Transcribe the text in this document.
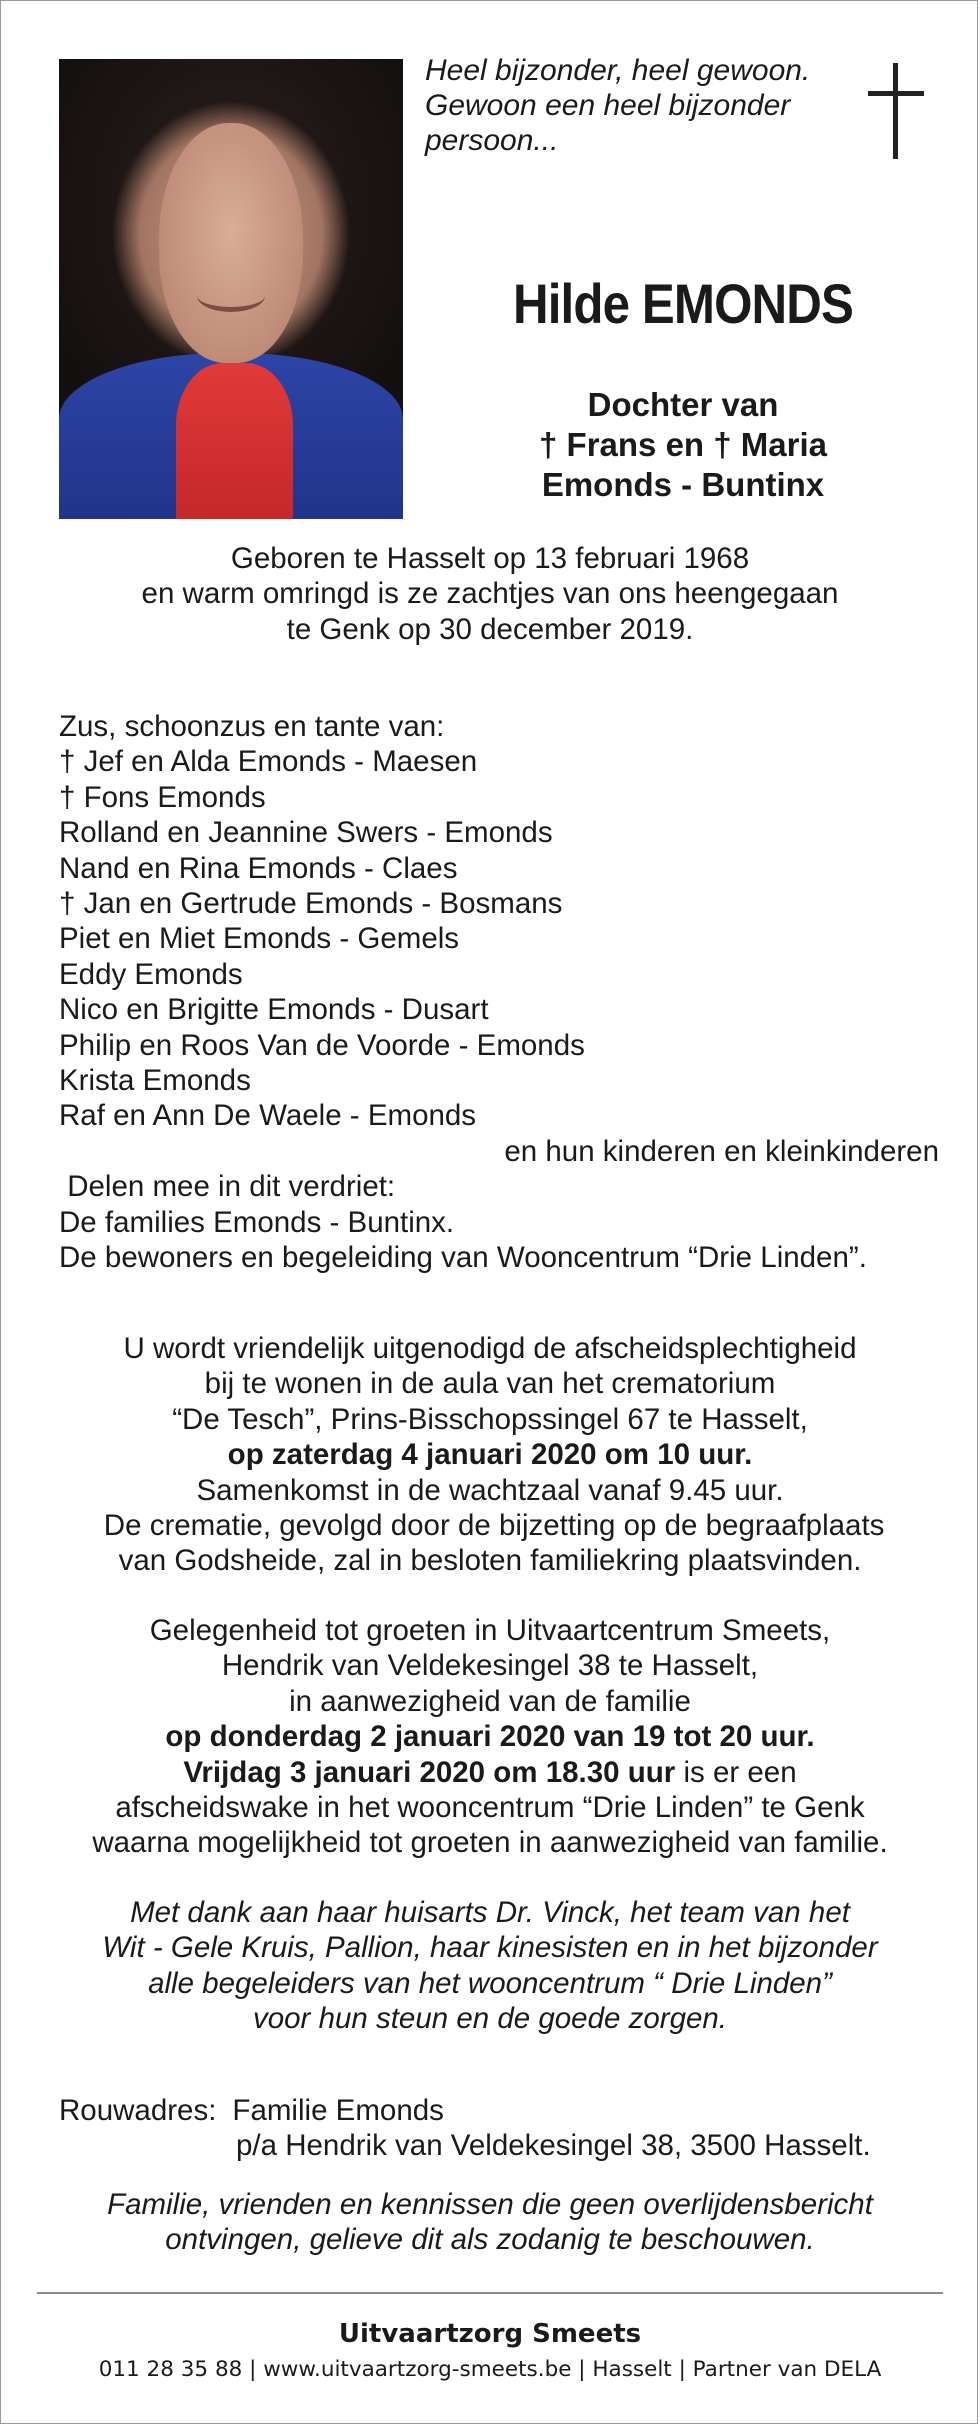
Heel bijzonder, heel gewoon.
Gewoon een heel bijzonder
persoon...
Hilde EMONDS
Dochter van
† Frans en † Maria
Emonds - Buntinx
Geboren te Hasselt op 13 februari 1968
en warm omringd is ze zachtjes van ons heengegaan
te Genk op 30 december 2019.
Zus, schoonzus en tante van:
† Jef en Alda Emonds - Maesen
† Fons Emonds
Rolland en Jeannine Swers - Emonds
Nand en Rina Emonds - Claes
† Jan en Gertrude Emonds - Bosmans
Piet en Miet Emonds - Gemels
Eddy Emonds
Nico en Brigitte Emonds - Dusart
Philip en Roos Van de Voorde - Emonds
Krista Emonds
Raf en Ann De Waele - Emonds
en hun kinderen en kleinkinderen
Delen mee in dit verdriet:
De families Emonds - Buntinx.
De bewoners en begeleiding van Wooncentrum “Drie Linden”.
U wordt vriendelijk uitgenodigd de afscheidsplechtigheid
bij te wonen in de aula van het crematorium
“De Tesch”, Prins-Bisschopssingel 67 te Hasselt,
op zaterdag 4 januari 2020 om 10 uur.
Samenkomst in de wachtzaal vanaf 9.45 uur.
De crematie, gevolgd door de bijzetting op de begraafplaats
van Godsheide, zal in besloten familiekring plaatsvinden.
Gelegenheid tot groeten in Uitvaartcentrum Smeets,
Hendrik van Veldekesingel 38 te Hasselt,
in aanwezigheid van de familie
op donderdag 2 januari 2020 van 19 tot 20 uur.
Vrijdag 3 januari 2020 om 18.30 uur is er een
afscheidswake in het wooncentrum “Drie Linden” te Genk
waarna mogelijkheid tot groeten in aanwezigheid van familie.
Met dank aan haar huisarts Dr. Vinck, het team van het
Wit - Gele Kruis, Pallion, haar kinesisten en in het bijzonder
alle begeleiders van het wooncentrum “ Drie Linden”
voor hun steun en de goede zorgen.
Rouwadres: Familie Emonds
p/a Hendrik van Veldekesingel 38, 3500 Hasselt.
Familie, vrienden en kennissen die geen overlijdensbericht
ontvingen, gelieve dit als zodanig te beschouwen.
Uitvaartzorg Smeets
011 28 35 88 | www.uitvaartzorg-smeets.be | Hasselt | Partner van DELA
